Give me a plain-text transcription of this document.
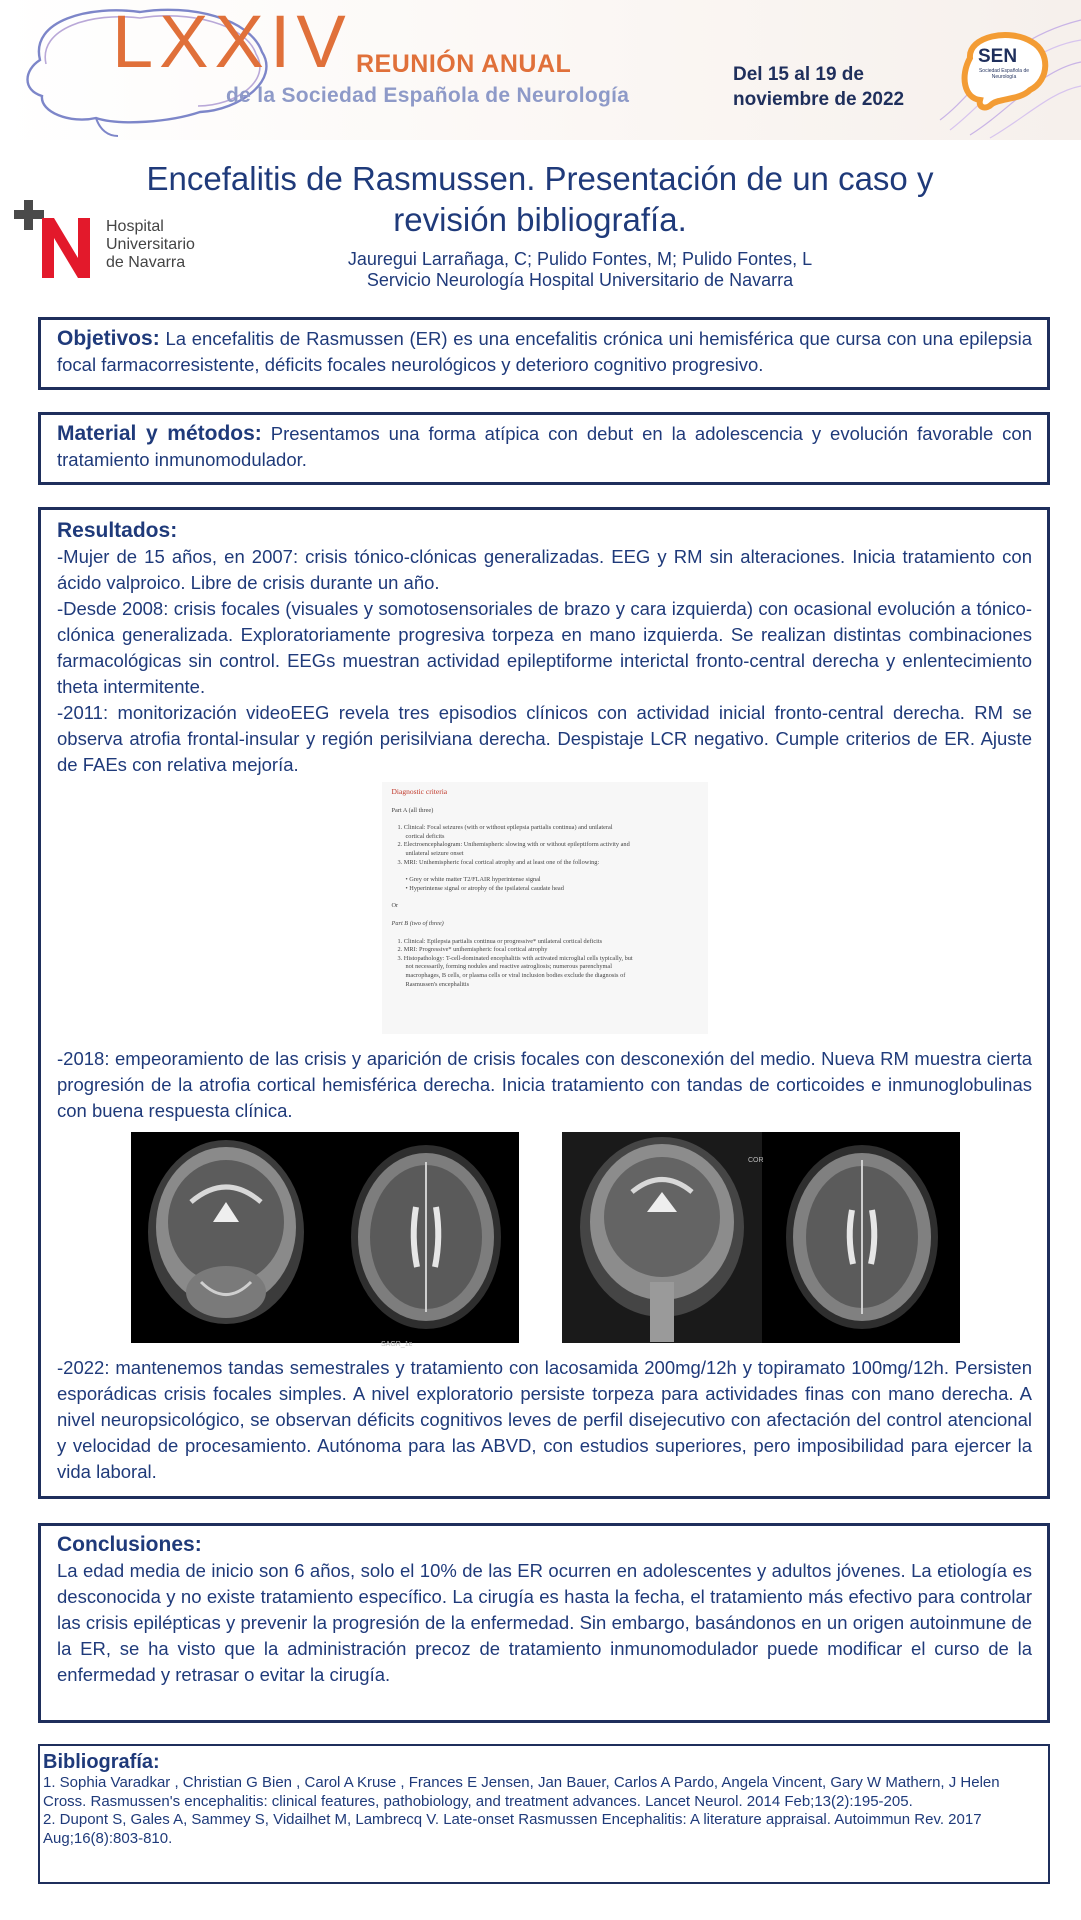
LXXIV REUNIÓN ANUAL
de la Sociedad Española de Neurología
Del 15 al 19 de
noviembre de 2022
SEN
Sociedad Española de Neurología
Hospital
Universitario
de Navarra
Encefalitis de Rasmussen. Presentación de un caso y
revisión bibliografía.
Jauregui Larrañaga, C; Pulido Fontes, M; Pulido Fontes, L
Servicio Neurología Hospital Universitario de Navarra

Objetivos: La encefalitis de Rasmussen (ER) es una encefalitis crónica uni hemisférica que cursa con una epilepsia focal farmacorresistente, déficits focales neurológicos y deterioro cognitivo progresivo.

Material y métodos: Presentamos una forma atípica con debut en la adolescencia y evolución favorable con tratamiento inmunomodulador.

Resultados:

-Mujer de 15 años, en 2007: crisis tónico-clónicas generalizadas. EEG y RM sin alteraciones. Inicia tratamiento con ácido valproico. Libre de crisis durante un año.

-Desde 2008: crisis focales (visuales y somotosensoriales de brazo y cara izquierda) con ocasional evolución a tónico-clónica generalizada. Exploratoriamente progresiva torpeza en mano izquierda. Se realizan distintas combinaciones farmacológicas sin control. EEGs muestran actividad epileptiforme interictal fronto-central derecha y enlentecimiento theta intermitente.

-2011: monitorización videoEEG revela tres episodios clínicos con actividad inicial fronto-central derecha. RM se observa atrofia frontal-insular y región perisilviana derecha. Despistaje LCR negativo. Cumple criterios de ER. Ajuste de FAEs con relativa mejoría.

Diagnostic criteria
Part A (all three)
1. Clinical: Focal seizures (with or without epilepsia partialis continua) and unilateral
cortical deficits
2. Electroencephalogram: Unihemispheric slowing with or without epileptiform activity and
unilateral seizure onset
3. MRI: Unihemispheric focal cortical atrophy and at least one of the following:
• Grey or white matter T2/FLAIR hyperintense signal
• Hyperintense signal or atrophy of the ipsilateral caudate head
Or
Part B (two of three)
1. Clinical: Epilepsia partialis continua or progressive* unilateral cortical deficits
2. MRI: Progressive* unihemispheric focal cortical atrophy
3. Histopathology: T-cell-dominated encephalitis with activated microglial cells typically, but
not necessarily, forming nodules and reactive astrogliosis; numerous parenchymal
macrophages, B cells, or plasma cells or viral inclusion bodies exclude the diagnosis of
Rasmussen's encephalitis

-2018: empeoramiento de las crisis y aparición de crisis focales con desconexión del medio. Nueva RM muestra cierta progresión de la atrofia cortical hemisférica derecha. Inicia tratamiento con tandas de corticoides e inmunoglobulinas con buena respuesta clínica.

SAGR_1e
COR

-2022: mantenemos tandas semestrales y tratamiento con lacosamida 200mg/12h y topiramato 100mg/12h. Persisten esporádicas crisis focales simples. A nivel exploratorio persiste torpeza para actividades finas con mano derecha. A nivel neuropsicológico, se observan déficits cognitivos leves de perfil disejecutivo con afectación del control atencional y velocidad de procesamiento. Autónoma para las ABVD, con estudios superiores, pero imposibilidad para ejercer la vida laboral.

Conclusiones:

La edad media de inicio son 6 años, solo el 10% de las ER ocurren en adolescentes y adultos jóvenes. La etiología es desconocida y no existe tratamiento específico. La cirugía es hasta la fecha, el tratamiento más efectivo para controlar las crisis epilépticas y prevenir la progresión de la enfermedad. Sin embargo, basándonos en un origen autoinmune de la ER, se ha visto que la administración precoz de tratamiento inmunomodulador puede modificar el curso de la enfermedad y retrasar o evitar la cirugía.

Bibliografía:
1. Sophia Varadkar , Christian G Bien , Carol A Kruse , Frances E Jensen, Jan Bauer, Carlos A Pardo, Angela Vincent, Gary W Mathern, J Helen Cross. Rasmussen's encephalitis: clinical features, pathobiology, and treatment advances. Lancet Neurol. 2014 Feb;13(2):195-205.
2. Dupont S, Gales A, Sammey S, Vidailhet M, Lambrecq V. Late-onset Rasmussen Encephalitis: A literature appraisal. Autoimmun Rev. 2017 Aug;16(8):803-810.
